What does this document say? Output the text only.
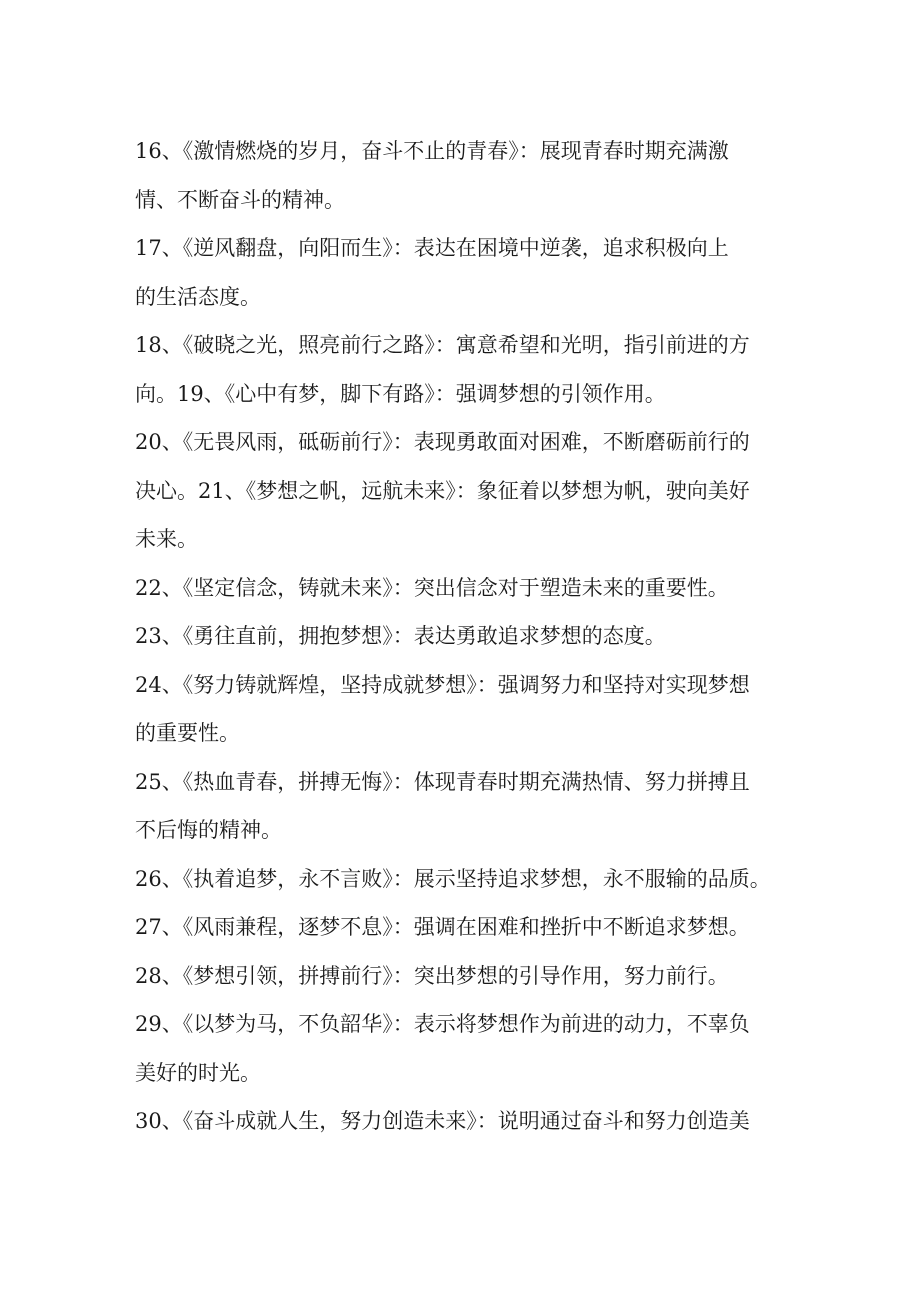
16、《激情燃烧的岁月，奋斗不止的青春》：展现青春时期充满激
情、不断奋斗的精神。
17、《逆风翻盘，向阳而生》：表达在困境中逆袭，追求积极向上
的生活态度。
18、《破晓之光，照亮前行之路》：寓意希望和光明，指引前进的方
向。19、《心中有梦，脚下有路》：强调梦想的引领作用。
20、《无畏风雨，砥砺前行》：表现勇敢面对困难，不断磨砺前行的
决心。21、《梦想之帆，远航未来》：象征着以梦想为帆，驶向美好
未来。
22、《坚定信念，铸就未来》：突出信念对于塑造未来的重要性。
23、《勇往直前，拥抱梦想》：表达勇敢追求梦想的态度。
24、《努力铸就辉煌，坚持成就梦想》：强调努力和坚持对实现梦想
的重要性。
25、《热血青春，拼搏无悔》：体现青春时期充满热情、努力拼搏且
不后悔的精神。
26、《执着追梦，永不言败》：展示坚持追求梦想，永不服输的品质。
27、《风雨兼程，逐梦不息》：强调在困难和挫折中不断追求梦想。
28、《梦想引领，拼搏前行》：突出梦想的引导作用，努力前行。
29、《以梦为马，不负韶华》：表示将梦想作为前进的动力，不辜负
美好的时光。
30、《奋斗成就人生，努力创造未来》：说明通过奋斗和努力创造美
